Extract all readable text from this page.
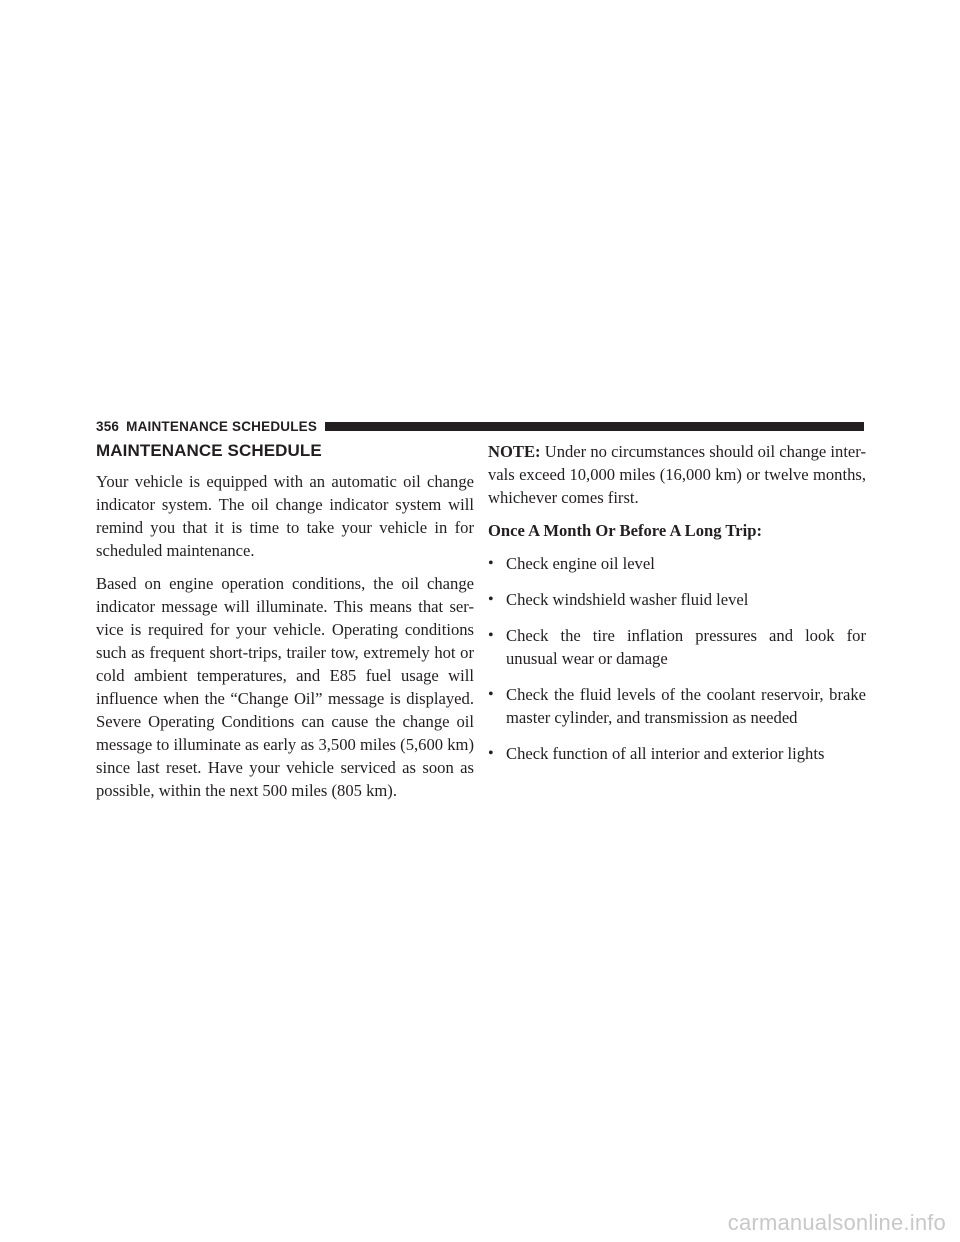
356 MAINTENANCE SCHEDULES
MAINTENANCE SCHEDULE

Your vehicle is equipped with an automatic oil change indicator system. The oil change indicator system will remind you that it is time to take your vehicle in for scheduled maintenance.

Based on engine operation conditions, the oil change indicator message will illuminate. This means that ser-vice is required for your vehicle. Operating conditions such as frequent short-trips, trailer tow, extremely hot or cold ambient temperatures, and E85 fuel usage will influence when the “Change Oil” message is displayed. Severe Operating Conditions can cause the change oil message to illuminate as early as 3,500 miles (5,600 km) since last reset. Have your vehicle serviced as soon as possible, within the next 500 miles (805 km).

NOTE: Under no circumstances should oil change inter-vals exceed 10,000 miles (16,000 km) or twelve months, whichever comes first.

Once A Month Or Before A Long Trip:
• Check engine oil level
• Check windshield washer fluid level
• Check the tire inflation pressures and look for unusual wear or damage
• Check the fluid levels of the coolant reservoir, brake master cylinder, and transmission as needed
• Check function of all interior and exterior lights
carmanualsonline.info
